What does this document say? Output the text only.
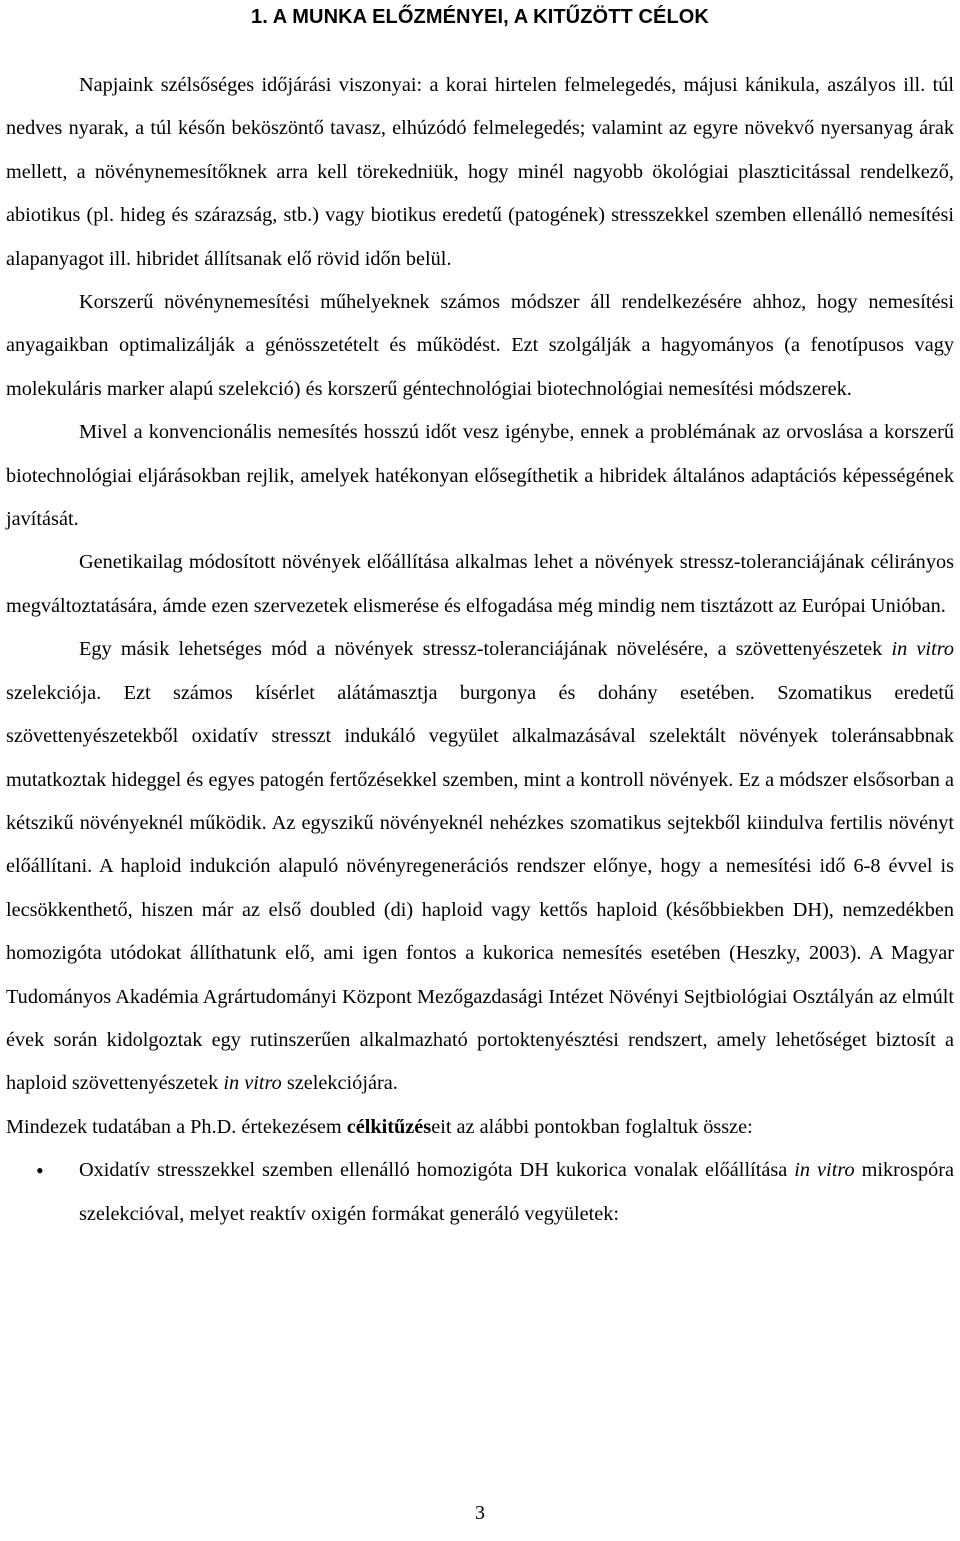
1. A MUNKA ELŐZMÉNYEI, A KITŰZÖTT CÉLOK

Napjaink szélsőséges időjárási viszonyai: a korai hirtelen felmelegedés, májusi kánikula, aszályos ill. túl nedves nyarak, a túl későn beköszöntő tavasz, elhúzódó felmelegedés; valamint az egyre növekvő nyersanyag árak mellett, a növénynemesítőknek arra kell törekedniük, hogy minél nagyobb ökológiai plaszticitással rendelkező, abiotikus (pl. hideg és szárazság, stb.) vagy biotikus eredetű (patogének) stresszekkel szemben ellenálló nemesítési alapanyagot ill. hibridet állítsanak elő rövid időn belül.

Korszerű növénynemesítési műhelyeknek számos módszer áll rendelkezésére ahhoz, hogy nemesítési anyagaikban optimalizálják a génösszetételt és működést. Ezt szolgálják a hagyományos (a fenotípusos vagy molekuláris marker alapú szelekció) és korszerű géntechnológiai biotechnológiai nemesítési módszerek.

Mivel a konvencionális nemesítés hosszú időt vesz igénybe, ennek a problémának az orvoslása a korszerű biotechnológiai eljárásokban rejlik, amelyek hatékonyan elősegíthetik a hibridek általános adaptációs képességének javítását.

Genetikailag módosított növények előállítása alkalmas lehet a növények stressz-toleranciájának célirányos megváltoztatására, ámde ezen szervezetek elismerése és elfogadása még mindig nem tisztázott az Európai Unióban.

Egy másik lehetséges mód a növények stressz-toleranciájának növelésére, a szövettenyészetek in vitro szelekciója. Ezt számos kísérlet alátámasztja burgonya és dohány esetében. Szomatikus eredetű szövettenyészetekből oxidatív stresszt indukáló vegyület alkalmazásával szelektált növények toleránsabbnak mutatkoztak hideggel és egyes patogén fertőzésekkel szemben, mint a kontroll növények. Ez a módszer elsősorban a kétszikű növényeknél működik. Az egyszikű növényeknél nehézkes szomatikus sejtekből kiindulva fertilis növényt előállítani. A haploid indukción alapuló növényregenerációs rendszer előnye, hogy a nemesítési idő 6-8 évvel is lecsökkenthető, hiszen már az első doubled (di) haploid vagy kettős haploid (későbbiekben DH), nemzedékben homozigóta utódokat állíthatunk elő, ami igen fontos a kukorica nemesítés esetében (Heszky, 2003). A Magyar Tudományos Akadémia Agrártudományi Központ Mezőgazdasági Intézet Növényi Sejtbiológiai Osztályán az elmúlt évek során kidolgoztak egy rutinszerűen alkalmazható portoktenyésztési rendszert, amely lehetőséget biztosít a haploid szövettenyészetek in vitro szelekciójára.

Mindezek tudatában a Ph.D. értekezésem célkitűzéseit az alábbi pontokban foglaltuk össze:

• Oxidatív stresszekkel szemben ellenálló homozigóta DH kukorica vonalak előállítása in vitro mikrospóra szelekcióval, melyet reaktív oxigén formákat generáló vegyületek:

3
